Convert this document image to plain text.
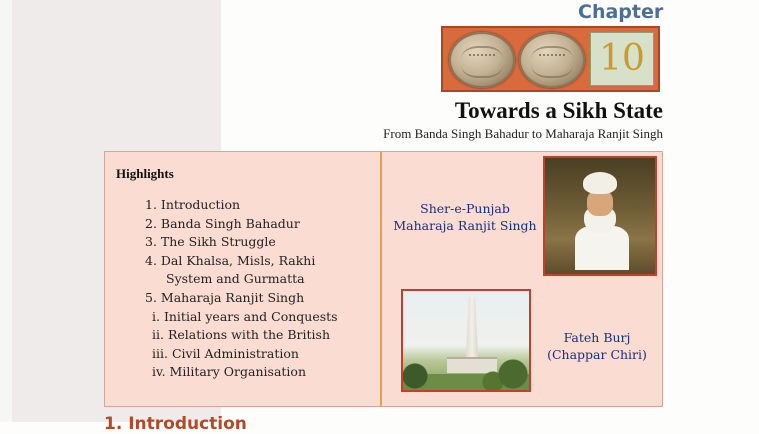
Chapter
10
Towards a Sikh State
From Banda Singh Bahadur to Maharaja Ranjit Singh
Highlights
1. Introduction
2. Banda Singh Bahadur
3. The Sikh Struggle
4. Dal Khalsa, Misls, Rakhi
System and Gurmatta
5. Maharaja Ranjit Singh
i. Initial years and Conquests
ii. Relations with the British
iii. Civil Administration
iv. Military Organisation
Sher-e-Punjab
Maharaja Ranjit Singh
Fateh Burj
(Chappar Chiri)
1. Introduction
